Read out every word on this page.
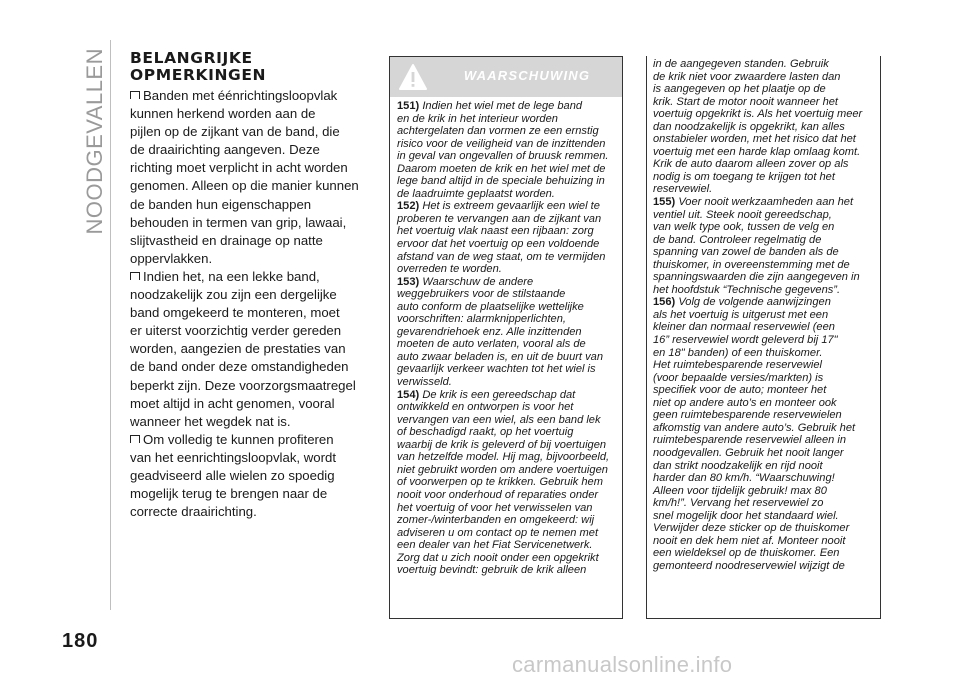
NOODGEVALLEN BELANGRIJKE
OPMERKINGEN
Banden met éénrichtingsloopvlak
kunnen herkend worden aan de
pijlen op de zijkant van de band, die
de draairichting aangeven. Deze
richting moet verplicht in acht worden
genomen. Alleen op die manier kunnen
de banden hun eigenschappen
behouden in termen van grip, lawaai,
slijtvastheid en drainage op natte
oppervlakken.
Indien het, na een lekke band,
noodzakelijk zou zijn een dergelijke
band omgekeerd te monteren, moet
er uiterst voorzichtig verder gereden
worden, aangezien de prestaties van
de band onder deze omstandigheden
beperkt zijn. Deze voorzorgsmaatregel
moet altijd in acht genomen, vooral
wanneer het wegdek nat is.
Om volledig te kunnen profiteren
van het eenrichtingsloopvlak, wordt
geadviseerd alle wielen zo spoedig
mogelijk terug te brengen naar de
correcte draairichting.
WAARSCHUWING
151) Indien het wiel met de lege band
en de krik in het interieur worden
achtergelaten dan vormen ze een ernstig
risico voor de veiligheid van de inzittenden
in geval van ongevallen of bruusk remmen.
Daarom moeten de krik en het wiel met de
lege band altijd in de speciale behuizing in
de laadruimte geplaatst worden.
152) Het is extreem gevaarlijk een wiel te
proberen te vervangen aan de zijkant van
het voertuig vlak naast een rijbaan: zorg
ervoor dat het voertuig op een voldoende
afstand van de weg staat, om te vermijden
overreden te worden.
153) Waarschuw de andere
weggebruikers voor de stilstaande
auto conform de plaatselijke wettelijke
voorschriften: alarmknipperlichten,
gevarendriehoek enz. Alle inzittenden
moeten de auto verlaten, vooral als de
auto zwaar beladen is, en uit de buurt van
gevaarlijk verkeer wachten tot het wiel is
verwisseld.
154) De krik is een gereedschap dat
ontwikkeld en ontworpen is voor het
vervangen van een wiel, als een band lek
of beschadigd raakt, op het voertuig
waarbij de krik is geleverd of bij voertuigen
van hetzelfde model. Hij mag, bijvoorbeeld,
niet gebruikt worden om andere voertuigen
of voorwerpen op te krikken. Gebruik hem
nooit voor onderhoud of reparaties onder
het voertuig of voor het verwisselen van
zomer-/winterbanden en omgekeerd: wij
adviseren u om contact op te nemen met
een dealer van het Fiat Servicenetwerk.
Zorg dat u zich nooit onder een opgekrikt
voertuig bevindt: gebruik de krik alleen
in de aangegeven standen. Gebruik
de krik niet voor zwaardere lasten dan
is aangegeven op het plaatje op de
krik. Start de motor nooit wanneer het
voertuig opgekrikt is. Als het voertuig meer
dan noodzakelijk is opgekrikt, kan alles
onstabieler worden, met het risico dat het
voertuig met een harde klap omlaag komt.
Krik de auto daarom alleen zover op als
nodig is om toegang te krijgen tot het
reservewiel.
155) Voer nooit werkzaamheden aan het
ventiel uit. Steek nooit gereedschap,
van welk type ook, tussen de velg en
de band. Controleer regelmatig de
spanning van zowel de banden als de
thuiskomer, in overeenstemming met de
spanningswaarden die zijn aangegeven in
het hoofdstuk “Technische gegevens”.
156) Volg de volgende aanwijzingen
als het voertuig is uitgerust met een
kleiner dan normaal reservewiel (een
16” reservewiel wordt geleverd bij 17"
en 18" banden) of een thuiskomer.
Het ruimtebesparende reservewiel
(voor bepaalde versies/markten) is
specifiek voor de auto; monteer het
niet op andere auto’s en monteer ook
geen ruimtebesparende reservewielen
afkomstig van andere auto’s. Gebruik het
ruimtebesparende reservewiel alleen in
noodgevallen. Gebruik het nooit langer
dan strikt noodzakelijk en rijd nooit
harder dan 80 km/h. “Waarschuwing!
Alleen voor tijdelijk gebruik! max 80
km/h!”. Vervang het reservewiel zo
snel mogelijk door het standaard wiel.
Verwijder deze sticker op de thuiskomer
nooit en dek hem niet af. Monteer nooit
een wieldeksel op de thuiskomer. Een
gemonteerd noodreservewiel wijzigt de
180
carmanualsonline.info
